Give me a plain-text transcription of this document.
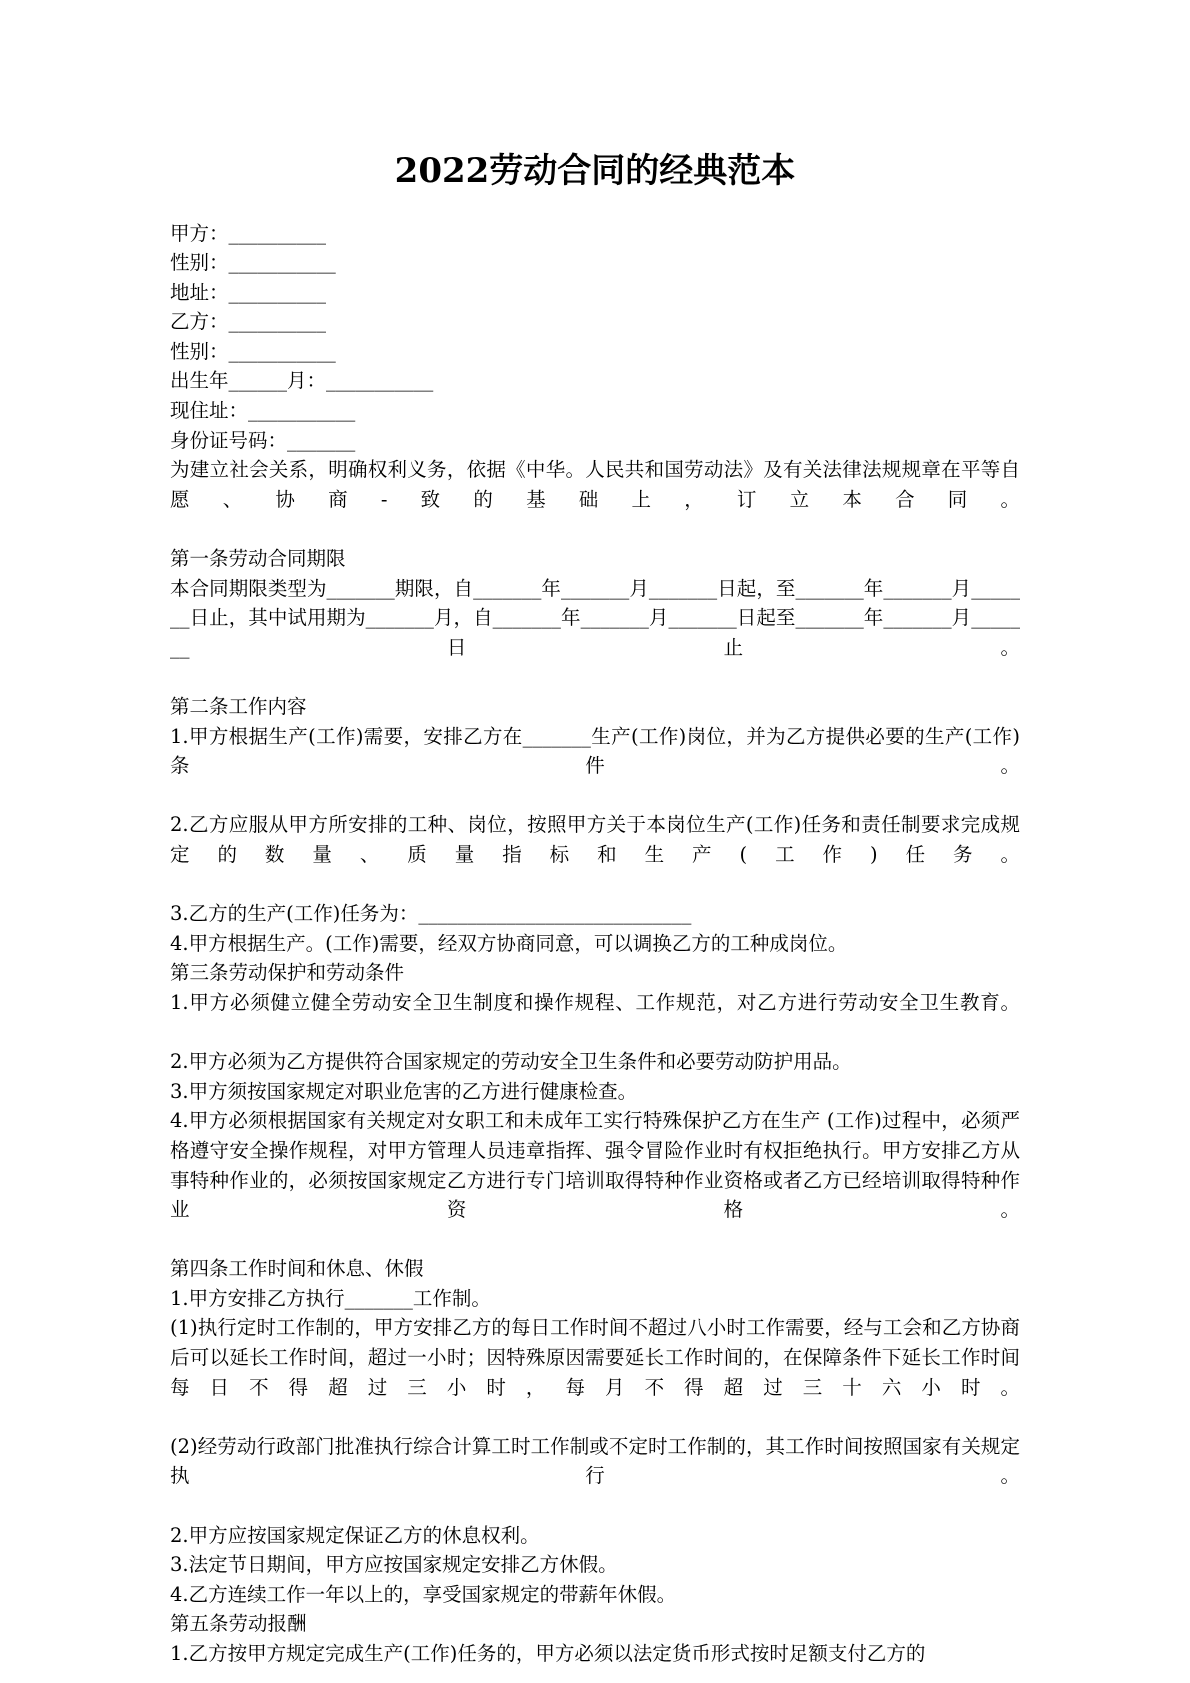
2022劳动合同的经典范本
甲方：__________
性别：___________
地址：__________
乙方：__________
性别：___________
出生年______月：___________
现住址：___________
身份证号码：_______

为建立社会关系，明确权利义务，依据《中华。人民共和国劳动法》及有关法律法规规章在平等自愿、协商-致的基础上，订立本合同。

第一条劳动合同期限

本合同期限类型为_______期限，自_______年_______月_______日起，至_______年_______月_______日止，其中试用期为_______月，自_______年_______月_______日起至_______年_______月_______日止。

第二条工作内容

1.甲方根据生产(工作)需要，安排乙方在_______生产(工作)岗位，并为乙方提供必要的生产(工作)条件。

2.乙方应服从甲方所安排的工种、岗位，按照甲方关于本岗位生产(工作)任务和责任制要求完成规定的数量、质量指标和生产(工作)任务。

3.乙方的生产(工作)任务为：____________________________

4.甲方根据生产。(工作)需要，经双方协商同意，可以调换乙方的工种成岗位。

第三条劳动保护和劳动条件

1.甲方必须健立健全劳动安全卫生制度和操作规程、工作规范，对乙方进行劳动安全卫生教育。

2.甲方必须为乙方提供符合国家规定的劳动安全卫生条件和必要劳动防护用品。

3.甲方须按国家规定对职业危害的乙方进行健康检查。

4.甲方必须根据国家有关规定对女职工和未成年工实行特殊保护乙方在生产 (工作)过程中，必须严格遵守安全操作规程，对甲方管理人员违章指挥、强令冒险作业时有权拒绝执行。甲方安排乙方从事特种作业的，必须按国家规定乙方进行专门培训取得特种作业资格或者乙方已经培训取得特种作业资格。

第四条工作时间和休息、休假

1.甲方安排乙方执行_______工作制。

(1)执行定时工作制的，甲方安排乙方的每日工作时间不超过八小时工作需要，经与工会和乙方协商后可以延长工作时间，超过一小时；因特殊原因需要延长工作时间的，在保障条件下延长工作时间每日不得超过三小时，每月不得超过三十六小时。

(2)经劳动行政部门批准执行综合计算工时工作制或不定时工作制的，其工作时间按照国家有关规定执行。

2.甲方应按国家规定保证乙方的休息权利。

3.法定节日期间，甲方应按国家规定安排乙方休假。

4.乙方连续工作一年以上的，享受国家规定的带薪年休假。

第五条劳动报酬

1.乙方按甲方规定完成生产(工作)任务的，甲方必须以法定货币形式按时足额支付乙方的
